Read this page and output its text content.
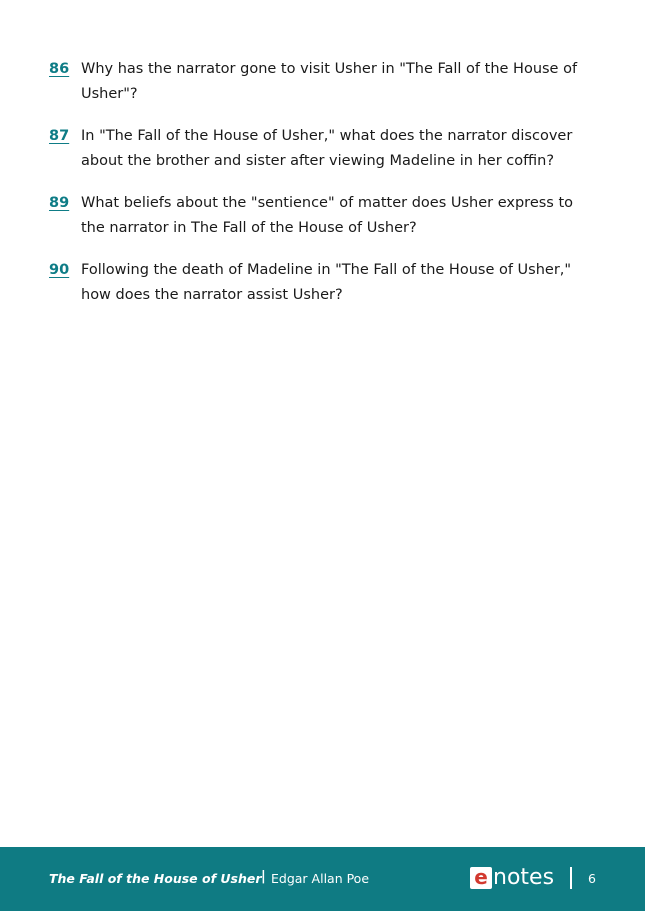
86 Why has the narrator gone to visit Usher in "The Fall of the House of Usher"?
87 In "The Fall of the House of Usher," what does the narrator discover about the brother and sister after viewing Madeline in her coffin?
89 What beliefs about the "sentience" of matter does Usher express to the narrator in The Fall of the House of Usher?
90 Following the death of Madeline in "The Fall of the House of Usher," how does the narrator assist Usher?
The Fall of the House of Usher | Edgar Allan Poe	e notes	6
